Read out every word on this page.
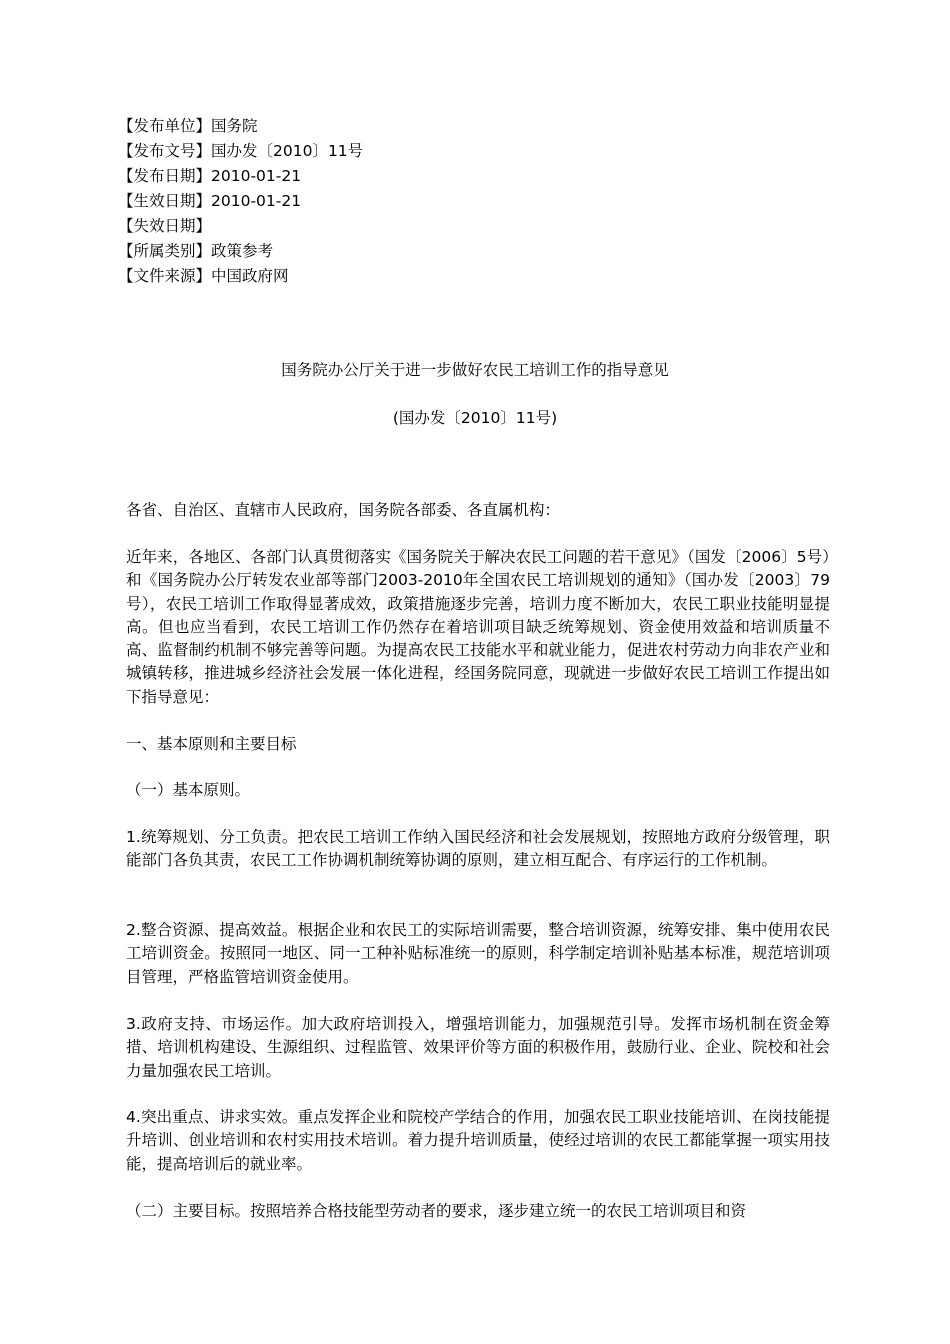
【发布单位】国务院
【发布文号】国办发〔2010〕11号
【发布日期】2010-01-21
【生效日期】2010-01-21
【失效日期】
【所属类别】政策参考
【文件来源】中国政府网
国务院办公厅关于进一步做好农民工培训工作的指导意见
(国办发〔2010〕11号)
各省、自治区、直辖市人民政府，国务院各部委、各直属机构：
近年来，各地区、各部门认真贯彻落实《国务院关于解决农民工问题的若干意见》（国发〔2006〕5号）和《国务院办公厅转发农业部等部门2003-2010年全国农民工培训规划的通知》（国办发〔2003〕79号），农民工培训工作取得显著成效，政策措施逐步完善，培训力度不断加大，农民工职业技能明显提高。但也应当看到，农民工培训工作仍然存在着培训项目缺乏统筹规划、资金使用效益和培训质量不高、监督制约机制不够完善等问题。为提高农民工技能水平和就业能力，促进农村劳动力向非农产业和城镇转移，推进城乡经济社会发展一体化进程，经国务院同意，现就进一步做好农民工培训工作提出如下指导意见：
一、基本原则和主要目标
（一）基本原则。
1.统筹规划、分工负责。把农民工培训工作纳入国民经济和社会发展规划，按照地方政府分级管理，职能部门各负其责，农民工工作协调机制统筹协调的原则，建立相互配合、有序运行的工作机制。
2.整合资源、提高效益。根据企业和农民工的实际培训需要，整合培训资源，统筹安排、集中使用农民工培训资金。按照同一地区、同一工种补贴标准统一的原则，科学制定培训补贴基本标准，规范培训项目管理，严格监管培训资金使用。
3.政府支持、市场运作。加大政府培训投入，增强培训能力，加强规范引导。发挥市场机制在资金筹措、培训机构建设、生源组织、过程监管、效果评价等方面的积极作用，鼓励行业、企业、院校和社会力量加强农民工培训。
4.突出重点、讲求实效。重点发挥企业和院校产学结合的作用，加强农民工职业技能培训、在岗技能提升培训、创业培训和农村实用技术培训。着力提升培训质量，使经过培训的农民工都能掌握一项实用技能，提高培训后的就业率。
（二）主要目标。按照培养合格技能型劳动者的要求，逐步建立统一的农民工培训项目和资
